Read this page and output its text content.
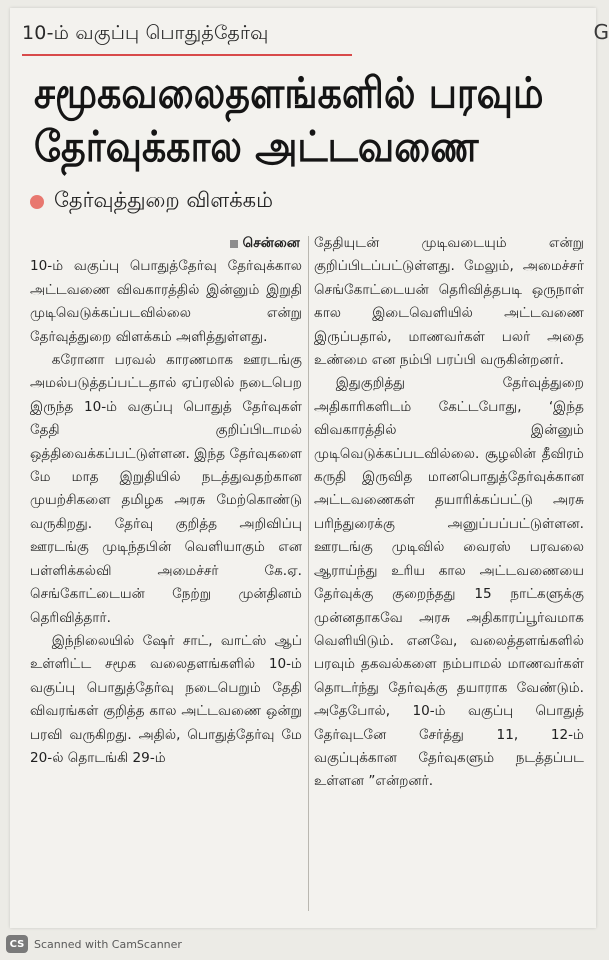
10-ம் வகுப்பு பொதுத்தேர்வு
சமூகவலைதளங்களில் பரவும்
தேர்வுக்கால அட்டவணை
தேர்வுத்துறை விளக்கம்
சென்னை

10-ம் வகுப்பு பொதுத்தேர்வு தேர்வுக்கால அட்டவணை விவகாரத்தில் இன்னும் இறுதி முடிவெடுக்கப்படவில்லை என்று தேர்வுத்துறை விளக்கம் அளித்துள்ளது.

கரோனா பரவல் காரணமாக ஊரடங்கு அமல்படுத்தப்பட்டதால் ஏப்ரலில் நடைபெற இருந்த 10-ம் வகுப்பு பொதுத் தேர்வுகள் தேதி குறிப்பிடாமல் ஒத்திவைக்கப்பட்டுள்ளன. இந்த தேர்வுகளை மே மாத இறுதியில் நடத்துவதற்கான முயற்சிகளை தமிழக அரசு மேற்கொண்டு வருகிறது. தேர்வு குறித்த அறிவிப்பு ஊரடங்கு முடிந்தபின் வெளியாகும் என பள்ளிக்கல்வி அமைச்சர் கே.ஏ. செங்கோட்டையன் நேற்று முன்தினம் தெரிவித்தார்.

இந்நிலையில் ஷேர் சாட், வாட்ஸ் ஆப் உள்ளிட்ட சமூக வலைதளங்களில் 10-ம் வகுப்பு பொதுத்தேர்வு நடைபெறும் தேதி விவரங்கள் குறித்த கால அட்டவணை ஒன்று பரவி வருகிறது. அதில், பொதுத்தேர்வு மே 20-ல் தொடங்கி 29-ம்

தேதியுடன் முடிவடையும் என்று குறிப்பிடப்பட்டுள்ளது. மேலும், அமைச்சர் செங்கோட்டையன் தெரிவித்தபடி ஒருநாள் கால இடைவெளியில் அட்டவணை இருப்பதால், மாணவர்கள் பலர் அதை உண்மை என நம்பி பரப்பி வருகின்றனர்.

இதுகுறித்து தேர்வுத்துறை அதிகாரிகளிடம் கேட்டபோது, ‘இந்த விவகாரத்தில் இன்னும் முடிவெடுக்கப்படவில்லை. சூழலின் தீவிரம் கருதி இருவித மானபொதுத்தேர்வுக்கான அட்டவணைகள் தயாரிக்கப்பட்டு அரசு பரிந்துரைக்கு அனுப்பப்பட்டுள்ளன. ஊரடங்கு முடிவில் வைரஸ் பரவலை ஆராய்ந்து உரிய கால அட்டவணையை தேர்வுக்கு குறைந்தது 15 நாட்களுக்கு முன்னதாகவே அரசு அதிகாரப்பூர்வமாக வெளியிடும். எனவே, வலைத்தளங்களில் பரவும் தகவல்களை நம்பாமல் மாணவர்கள் தொடர்ந்து தேர்வுக்கு தயாராக வேண்டும். அதேபோல், 10-ம் வகுப்பு பொதுத் தேர்வுடனே சேர்த்து 11, 12-ம் வகுப்புக்கான தேர்வுகளும் நடத்தப்பட உள்ளன ”என்றனர்.

G
CS Scanned with CamScanner
